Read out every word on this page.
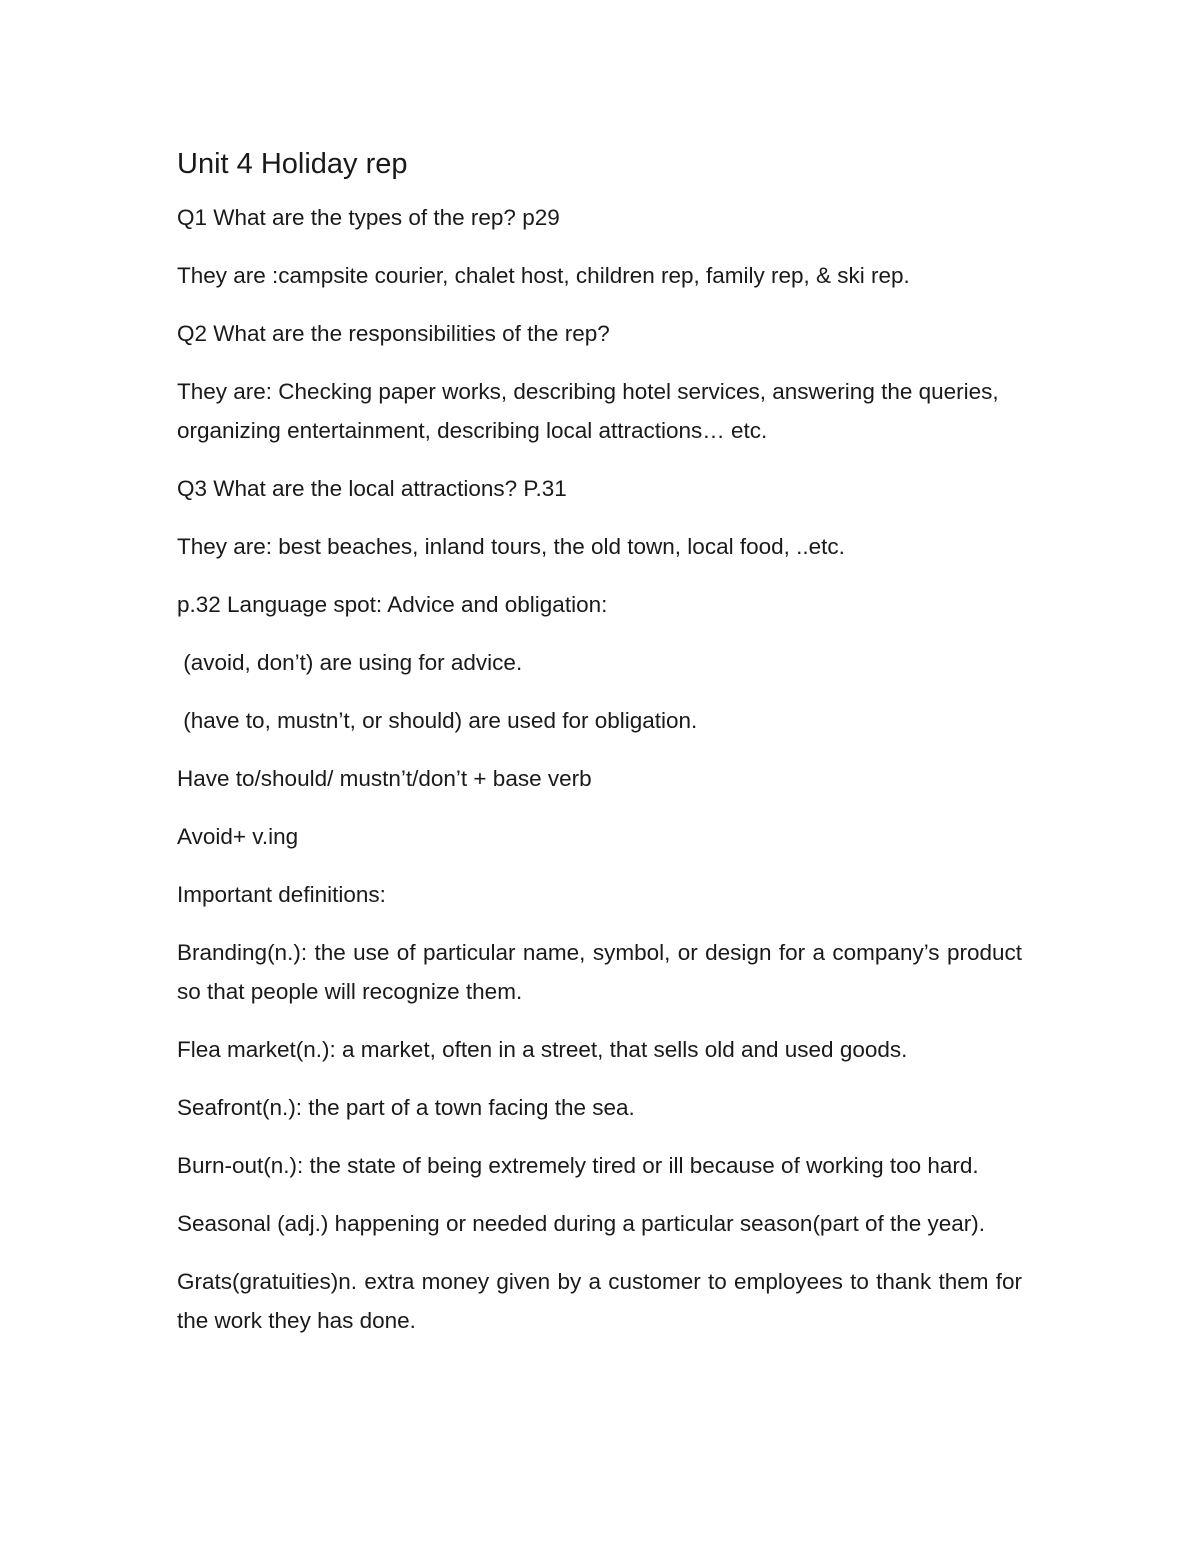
Unit 4 Holiday rep
Q1 What are the types of the rep? p29
They are :campsite courier, chalet host, children rep, family rep, & ski rep.
Q2 What are the responsibilities of the rep?
They are: Checking paper works, describing hotel services, answering the queries, organizing entertainment, describing local attractions… etc.
Q3 What are the local attractions? P.31
They are: best beaches, inland tours, the old town, local food, ..etc.
p.32 Language spot: Advice and obligation:
(avoid, don’t) are using for advice.
(have to, mustn’t, or should) are used for obligation.
Have to/should/ mustn’t/don’t + base verb
Avoid+ v.ing
Important definitions:
Branding(n.): the use of particular name, symbol, or design for a company’s product so that people will recognize them.
Flea market(n.): a market, often in a street, that sells old and used goods.
Seafront(n.): the part of a town facing the sea.
Burn-out(n.): the state of being extremely tired or ill because of working too hard.
Seasonal (adj.) happening or needed during a particular season(part of the year).
Grats(gratuities)n. extra money given by a customer to employees to thank them for the work they has done.
